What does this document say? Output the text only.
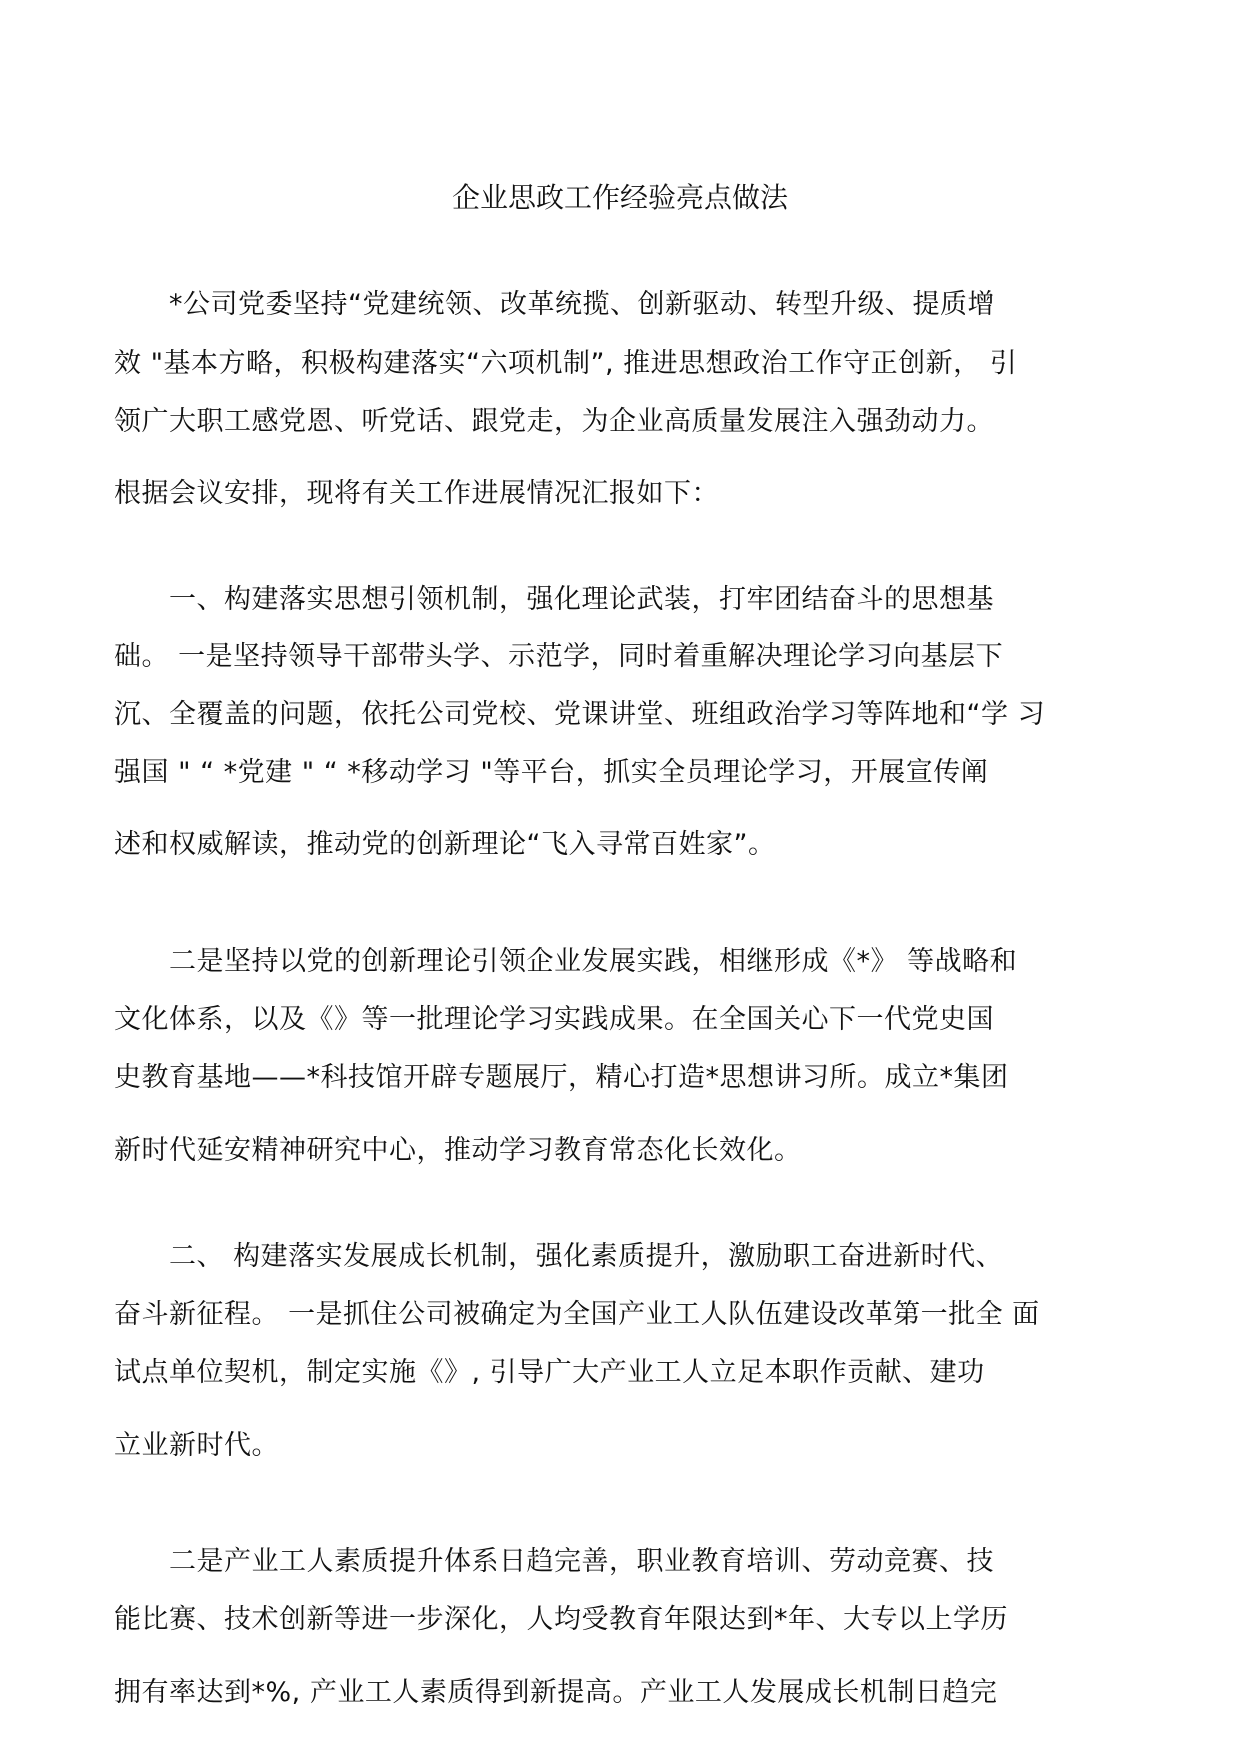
企业思政工作经验亮点做法
　　*公司党委坚持“党建统领、改革统揽、创新驱动、转型升级、提质增
效 "基本方略，积极构建落实“六项机制”, 推进思想政治工作守正创新， 引
领广大职工感党恩、听党话、跟党走，为企业高质量发展注入强劲动力。
根据会议安排，现将有关工作进展情况汇报如下：
　　一、构建落实思想引领机制，强化理论武装，打牢团结奋斗的思想基
础。 一是坚持领导干部带头学、示范学，同时着重解决理论学习向基层下
沉、全覆盖的问题，依托公司党校、党课讲堂、班组政治学习等阵地和“学 习
强国 " “ *党建 " “ *移动学习 "等平台，抓实全员理论学习，开展宣传阐
述和权威解读，推动党的创新理论“飞入寻常百姓家”。
　　二是坚持以党的创新理论引领企业发展实践，相继形成《*》 等战略和
文化体系，以及《》等一批理论学习实践成果。在全国关心下一代党史国
史教育基地——*科技馆开辟专题展厅，精心打造*思想讲习所。成立*集团
新时代延安精神研究中心，推动学习教育常态化长效化。
　　二、 构建落实发展成长机制，强化素质提升，激励职工奋进新时代、
奋斗新征程。 一是抓住公司被确定为全国产业工人队伍建设改革第一批全 面
试点单位契机，制定实施《》, 引导广大产业工人立足本职作贡献、建功
立业新时代。
　　二是产业工人素质提升体系日趋完善，职业教育培训、劳动竞赛、技
能比赛、技术创新等进一步深化，人均受教育年限达到*年、大专以上学历
拥有率达到*%, 产业工人素质得到新提高。产业工人发展成长机制日趋完
